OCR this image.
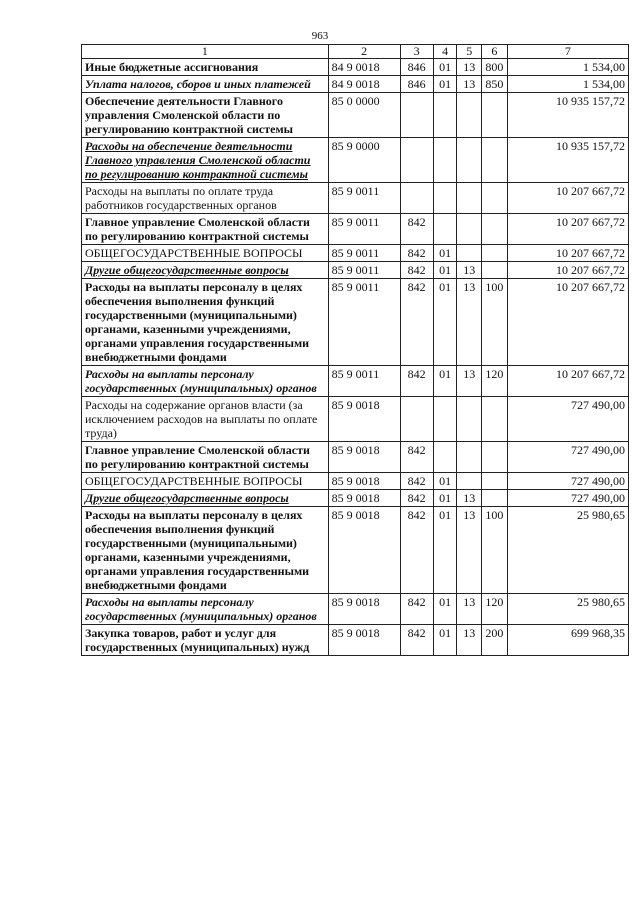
963
1	2	3	4	5	6	7
Иные бюджетные ассигнования	84 9 0018	846	01	13	800	1 534,00
Уплата налогов, сборов и иных платежей	84 9 0018	846	01	13	850	1 534,00
Обеспечение деятельности Главного управления Смоленской области по регулированию контрактной системы	85 0 0000					10 935 157,72
Расходы на обеспечение деятельности Главного управления Смоленской области по регулированию контрактной системы	85 9 0000					10 935 157,72
Расходы на выплаты по оплате труда работников государственных органов	85 9 0011					10 207 667,72
Главное управление Смоленской области по регулированию контрактной системы	85 9 0011	842				10 207 667,72
ОБЩЕГОСУДАРСТВЕННЫЕ ВОПРОСЫ	85 9 0011	842	01			10 207 667,72
Другие общегосударственные вопросы	85 9 0011	842	01	13		10 207 667,72
Расходы на выплаты персоналу в целях обеспечения выполнения функций государственными (муниципальными) органами, казенными учреждениями, органами управления государственными внебюджетными фондами	85 9 0011	842	01	13	100	10 207 667,72
Расходы на выплаты персоналу государственных (муниципальных) органов	85 9 0011	842	01	13	120	10 207 667,72
Расходы на содержание органов власти (за исключением расходов на выплаты по оплате труда)	85 9 0018					727 490,00
Главное управление Смоленской области по регулированию контрактной системы	85 9 0018	842				727 490,00
ОБЩЕГОСУДАРСТВЕННЫЕ ВОПРОСЫ	85 9 0018	842	01			727 490,00
Другие общегосударственные вопросы	85 9 0018	842	01	13		727 490,00
Расходы на выплаты персоналу в целях обеспечения выполнения функций государственными (муниципальными) органами, казенными учреждениями, органами управления государственными внебюджетными фондами	85 9 0018	842	01	13	100	25 980,65
Расходы на выплаты персоналу государственных (муниципальных) органов	85 9 0018	842	01	13	120	25 980,65
Закупка товаров, работ и услуг для государственных (муниципальных) нужд	85 9 0018	842	01	13	200	699 968,35
